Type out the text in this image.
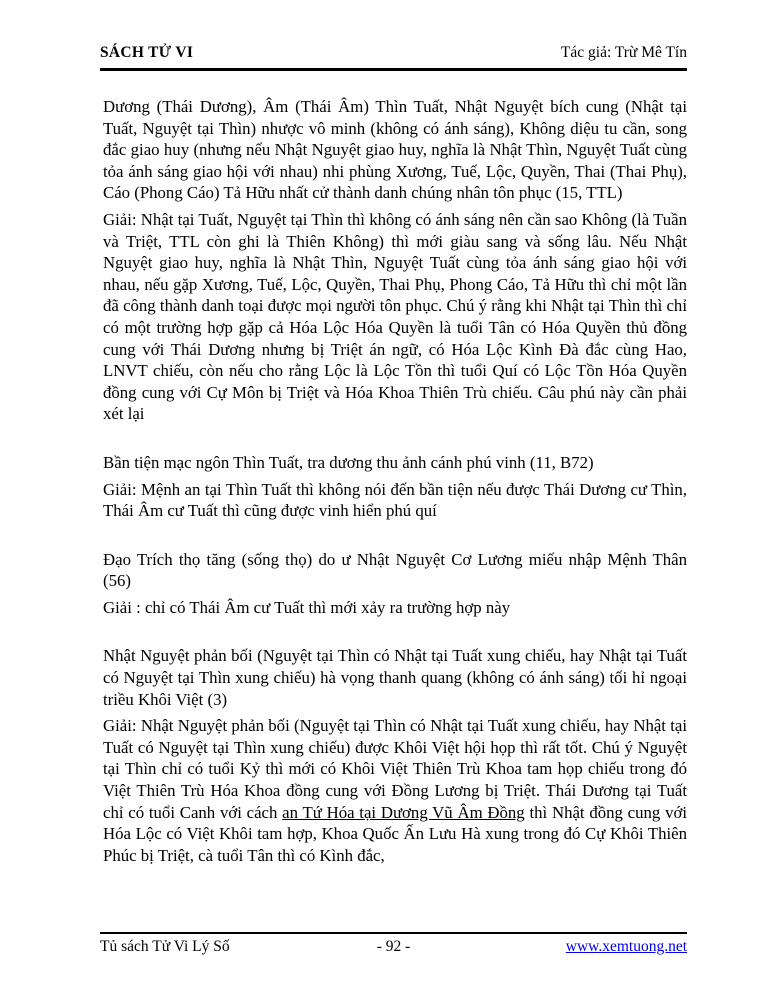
SÁCH TỬ VI	Tác giả: Trừ Mê Tín

Dương (Thái Dương), Âm (Thái Âm) Thìn Tuất, Nhật Nguyệt bích cung (Nhật tại Tuất, Nguyệt tại Thìn) nhược vô minh (không có ánh sáng), Không diệu tu cần, song đắc giao huy (nhưng nếu Nhật Nguyệt giao huy, nghĩa là Nhật Thìn, Nguyệt Tuất cùng tỏa ánh sáng giao hội với nhau) nhi phùng Xương, Tuế, Lộc, Quyền, Thai (Thai Phụ), Cáo (Phong Cáo) Tả Hữu nhất cử thành danh chúng nhân tôn phục (15, TTL)

Giải: Nhật tại Tuất, Nguyệt tại Thìn thì không có ánh sáng nên cần sao Không (là Tuần và Triệt, TTL còn ghi là Thiên Không) thì mới giàu sang và sống lâu. Nếu Nhật Nguyệt giao huy, nghĩa là Nhật Thìn, Nguyệt Tuất cùng tỏa ánh sáng giao hội với nhau, nếu gặp Xương, Tuế, Lộc, Quyền, Thai Phụ, Phong Cáo, Tả Hữu thì chỉ một lần đã công thành danh toại được mọi người tôn phục. Chú ý rằng khi Nhật tại Thìn thì chỉ có một trường hợp gặp cả Hóa Lộc Hóa Quyền là tuổi Tân có Hóa Quyền thủ đồng cung với Thái Dương nhưng bị Triệt án ngữ, có Hóa Lộc Kình Đà đắc cùng Hao, LNVT chiếu, còn nếu cho rằng Lộc là Lộc Tồn thì tuổi Quí có Lộc Tồn Hóa Quyền đồng cung với Cự Môn bị Triệt và Hóa Khoa Thiên Trù chiếu. Câu phú này cần phải xét lại

Bần tiện mạc ngôn Thìn Tuất, tra dương thu ảnh cánh phú vinh (11, B72)

Giải: Mệnh an tại Thìn Tuất thì không nói đến bần tiện nếu được Thái Dương cư Thìn, Thái Âm cư Tuất thì cũng được vinh hiển phú quí

Đạo Trích thọ tăng (sống thọ) do ư Nhật Nguyệt Cơ Lương miếu nhập Mệnh Thân (56)

Giải : chỉ có Thái Âm cư Tuất thì mới xảy ra trường hợp này

Nhật Nguyệt phản bối (Nguyệt tại Thìn có Nhật tại Tuất xung chiếu, hay Nhật tại Tuất có Nguyệt tại Thìn xung chiếu) hà vọng thanh quang (không có ánh sáng) tối hỉ ngoại triều Khôi Việt (3)

Giải: Nhật Nguyệt phản bối (Nguyệt tại Thìn có Nhật tại Tuất xung chiếu, hay Nhật tại Tuất có Nguyệt tại Thìn xung chiếu) được Khôi Việt hội họp thì rất tốt. Chú ý Nguyệt tại Thìn chỉ có tuổi Kỷ thì mới có Khôi Việt Thiên Trù Khoa tam họp chiếu trong đó Việt Thiên Trù Hóa Khoa đồng cung với Đồng Lương bị Triệt. Thái Dương tại Tuất chỉ có tuổi Canh với cách an Tứ Hóa tại Dương Vũ Âm Đồng thì Nhật đồng cung với Hóa Lộc có Việt Khôi tam hợp, Khoa Quốc Ấn Lưu Hà xung trong đó Cự Khôi Thiên Phúc bị Triệt, cà tuổi Tân thì có Kình đắc,

Tủ sách Tử Vi Lý Số	- 92 -	www.xemtuong.net
